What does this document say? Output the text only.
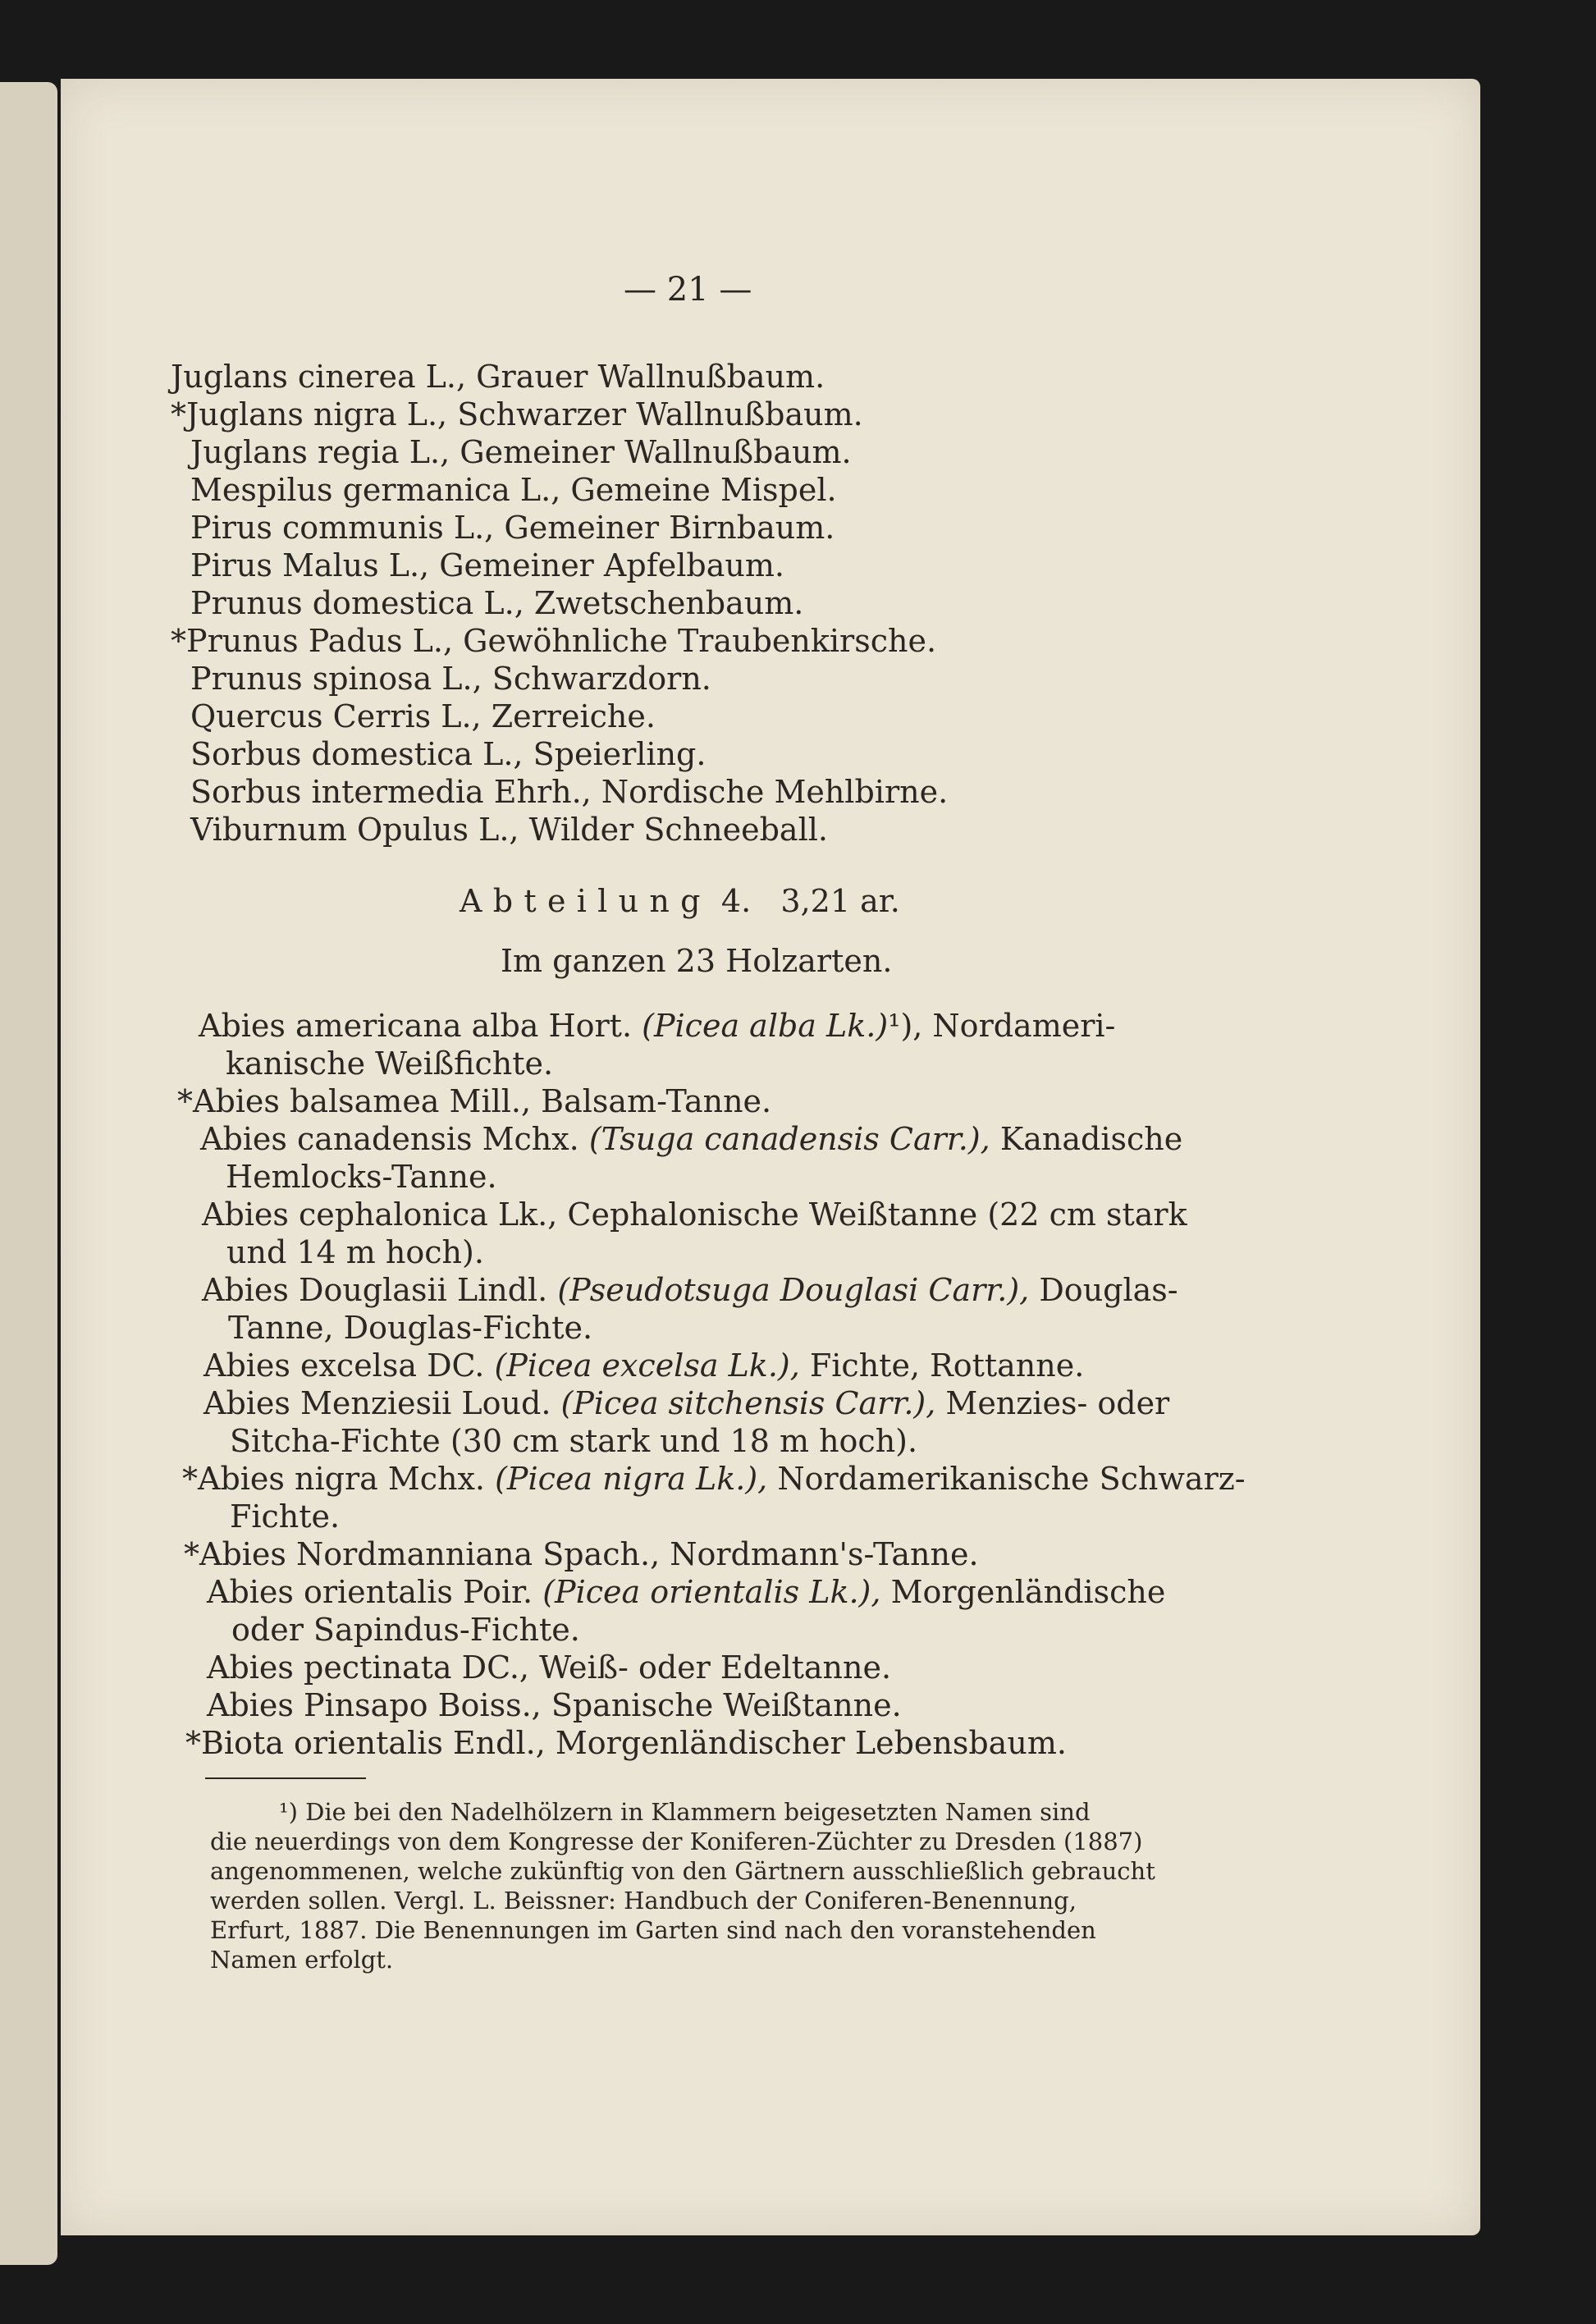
— 21 —
Juglans cinerea L., Grauer Wallnußbaum.
*Juglans nigra L., Schwarzer Wallnußbaum.
Juglans regia L., Gemeiner Wallnußbaum.
Mespilus germanica L., Gemeine Mispel.
Pirus communis L., Gemeiner Birnbaum.
Pirus Malus L., Gemeiner Apfelbaum.
Prunus domestica L., Zwetschenbaum.
*Prunus Padus L., Gewöhnliche Traubenkirsche.
Prunus spinosa L., Schwarzdorn.
Quercus Cerris L., Zerreiche.
Sorbus domestica L., Speierling.
Sorbus intermedia Ehrh., Nordische Mehlbirne.
Viburnum Opulus L., Wilder Schneeball.
Abteilung 4. 3,21 ar.
Im ganzen 23 Holzarten.
Abies americana alba Hort. (Picea alba Lk.)¹), Nordameri-
kanische Weißfichte.
*Abies balsamea Mill., Balsam-Tanne.
Abies canadensis Mchx. (Tsuga canadensis Carr.), Kanadische
Hemlocks-Tanne.
Abies cephalonica Lk., Cephalonische Weißtanne (22 cm stark
und 14 m hoch).
Abies Douglasii Lindl. (Pseudotsuga Douglasi Carr.), Douglas-
Tanne, Douglas-Fichte.
Abies excelsa DC. (Picea excelsa Lk.), Fichte, Rottanne.
Abies Menziesii Loud. (Picea sitchensis Carr.), Menzies- oder
Sitcha-Fichte (30 cm stark und 18 m hoch).
*Abies nigra Mchx. (Picea nigra Lk.), Nordamerikanische Schwarz-
Fichte.
*Abies Nordmanniana Spach., Nordmann's-Tanne.
Abies orientalis Poir. (Picea orientalis Lk.), Morgenländische
oder Sapindus-Fichte.
Abies pectinata DC., Weiß- oder Edeltanne.
Abies Pinsapo Boiss., Spanische Weißtanne.
*Biota orientalis Endl., Morgenländischer Lebensbaum.
¹) Die bei den Nadelhölzern in Klammern beigesetzten Namen sind
die neuerdings von dem Kongresse der Koniferen-Züchter zu Dresden (1887)
angenommenen, welche zukünftig von den Gärtnern ausschließlich gebraucht
werden sollen. Vergl. L. Beissner: Handbuch der Coniferen-Benennung,
Erfurt, 1887. Die Benennungen im Garten sind nach den voranstehenden
Namen erfolgt.
